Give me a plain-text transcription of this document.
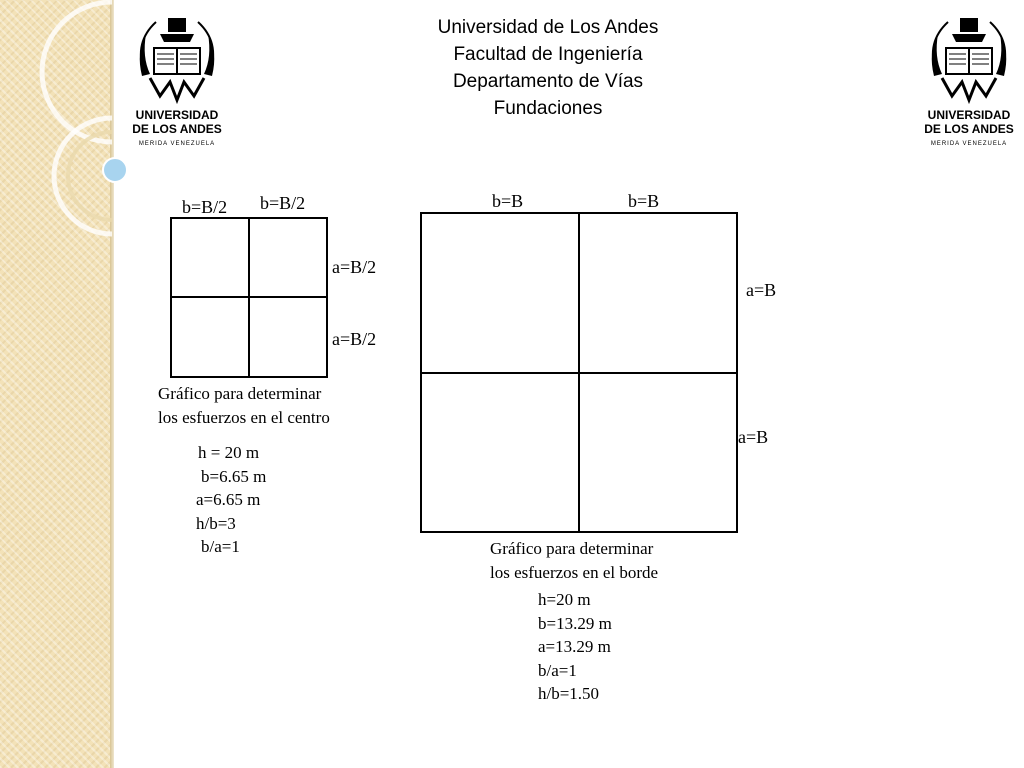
UNIVERSIDAD
DE LOS ANDES
MERIDA VENEZUELA
UNIVERSIDAD
DE LOS ANDES
MERIDA VENEZUELA
Universidad de Los Andes
Facultad de Ingeniería
Departamento de Vías
Fundaciones
b=B/2 b=B/2
a=B/2
a=B/2
Gráfico para determinar
los esfuerzos en el centro
h = 20 m
b=6.65 m
a=6.65 m
h/b=3
b/a=1
b=B	b=B
a=B
a=B
Gráfico para determinar
los esfuerzos en el borde
h=20 m
b=13.29 m
a=13.29 m
b/a=1
h/b=1.50
